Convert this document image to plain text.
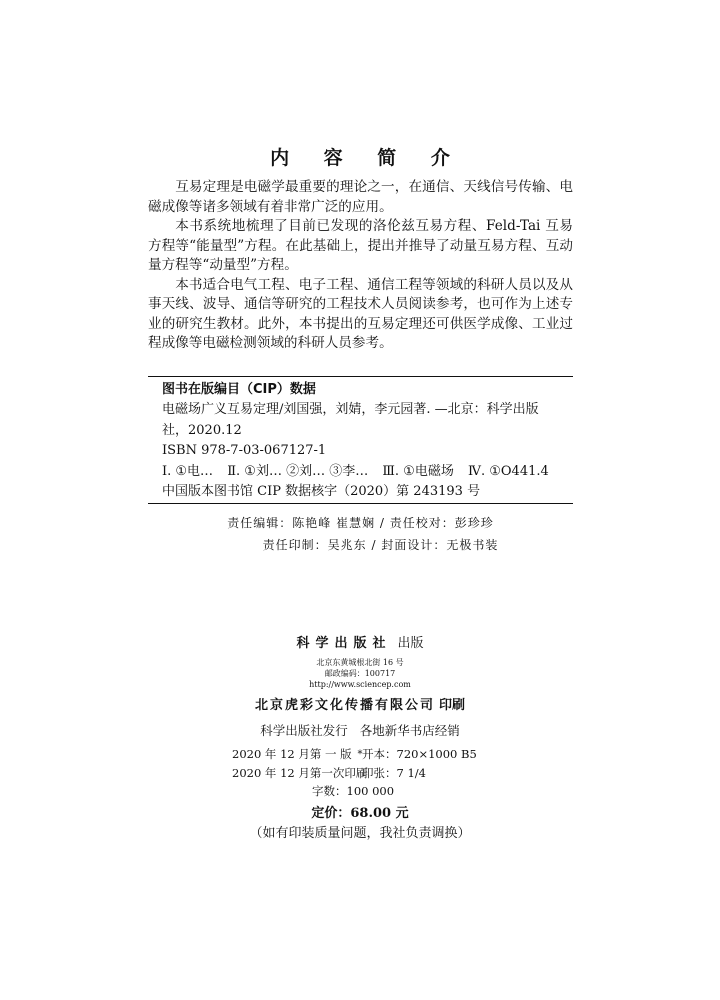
内 容 简 介

互易定理是电磁学最重要的理论之一，在通信、天线信号传输、电磁成像等诸多领域有着非常广泛的应用。

本书系统地梳理了目前已发现的洛伦兹互易方程、Feld-Tai 互易方程等“能量型”方程。在此基础上，提出并推导了动量互易方程、互动量方程等“动量型”方程。

本书适合电气工程、电子工程、通信工程等领域的科研人员以及从事天线、波导、通信等研究的工程技术人员阅读参考，也可作为上述专业的研究生教材。此外，本书提出的互易定理还可供医学成像、工业过程成像等电磁检测领域的科研人员参考。

图书在版编目（CIP）数据
电磁场广义互易定理/刘国强，刘婧，李元园著. —北京：科学出版
社，2020.12
ISBN 978-7-03-067127-1
Ⅰ. ①电… Ⅱ. ①刘… ②刘… ③李… Ⅲ. ①电磁场 Ⅳ. ①O441.4
中国版本图书馆 CIP 数据核字（2020）第 243193 号
责任编辑：陈艳峰 崔慧娴 / 责任校对：彭珍珍
责任印制：吴兆东 / 封面设计：无极书装
科学出版社 出版
北京东黄城根北街 16 号
邮政编码：100717
http://www.sciencep.com
北京虎彩文化传播有限公司 印刷
科学出版社发行 各地新华书店经销
*
2020 年 12 月第 一 版 开本：720×1000 B5
2020 年 12 月第一次印刷
印张：7 1/4
字数：100 000
定价：68.00 元
（如有印装质量问题，我社负责调换）
